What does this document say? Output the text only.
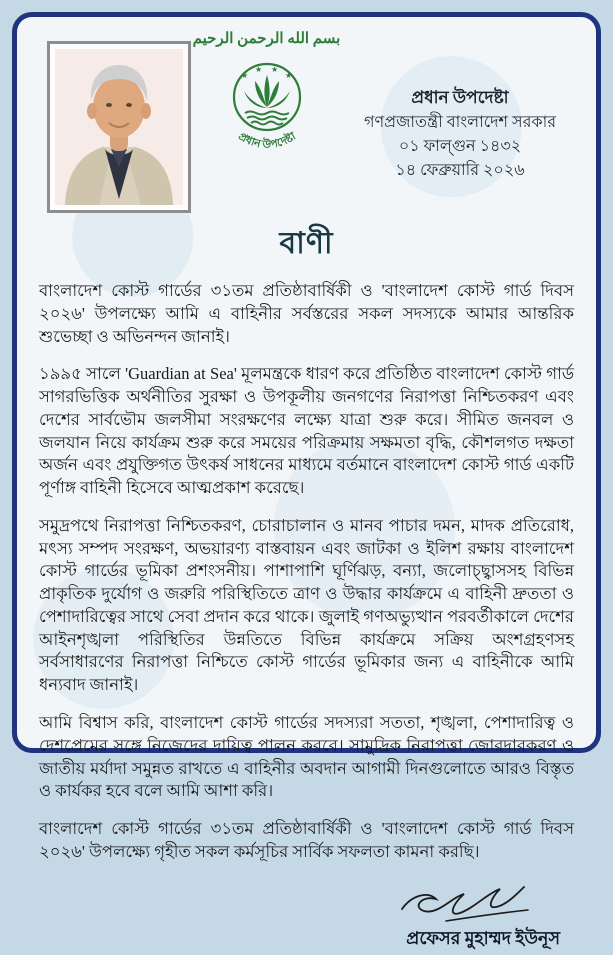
بسم الله الرحمن الرحيم
★
★ ★
★
প্রধান উপদেষ্টা
প্রধান উপদেষ্টা
গণপ্রজাতন্ত্রী বাংলাদেশ সরকার
০১ ফাল্গুন ১৪৩২
১৪ ফেব্রুয়ারি ২০২৬
বাণী

বাংলাদেশ কোস্ট গার্ডের ৩১তম প্রতিষ্ঠাবার্ষিকী ও 'বাংলাদেশ কোস্ট গার্ড দিবস ২০২৬' উপলক্ষ্যে আমি এ বাহিনীর সর্বস্তরের সকল সদস্যকে আমার আন্তরিক শুভেচ্ছা ও অভিনন্দন জানাই।

১৯৯৫ সালে 'Guardian at Sea' মূলমন্ত্রকে ধারণ করে প্রতিষ্ঠিত বাংলাদেশ কোস্ট গার্ড সাগরভিত্তিক অর্থনীতির সুরক্ষা ও উপকূলীয় জনগণের নিরাপত্তা নিশ্চিতকরণ এবং দেশের সার্বভৌম জলসীমা সংরক্ষণের লক্ষ্যে যাত্রা শুরু করে। সীমিত জনবল ও জলযান নিয়ে কার্যক্রম শুরু করে সময়ের পরিক্রমায় সক্ষমতা বৃদ্ধি, কৌশলগত দক্ষতা অর্জন এবং প্রযুক্তিগত উৎকর্ষ সাধনের মাধ্যমে বর্তমানে বাংলাদেশ কোস্ট গার্ড একটি পূর্ণাঙ্গ বাহিনী হিসেবে আত্মপ্রকাশ করেছে।

সমুদ্রপথে নিরাপত্তা নিশ্চিতকরণ, চোরাচালান ও মানব পাচার দমন, মাদক প্রতিরোধ, মৎস্য সম্পদ সংরক্ষণ, অভয়ারণ্য বাস্তবায়ন এবং জাটকা ও ইলিশ রক্ষায় বাংলাদেশ কোস্ট গার্ডের ভূমিকা প্রশংসনীয়। পাশাপাশি ঘূর্ণিঝড়, বন্যা, জলোচ্ছ্বাসসহ বিভিন্ন প্রাকৃতিক দুর্যোগ ও জরুরি পরিস্থিতিতে ত্রাণ ও উদ্ধার কার্যক্রমে এ বাহিনী দ্রুততা ও পেশাদারিত্বের সাথে সেবা প্রদান করে থাকে। জুলাই গণঅভ্যুত্থান পরবর্তীকালে দেশের আইনশৃঙ্খলা পরিস্থিতির উন্নতিতে বিভিন্ন কার্যক্রমে সক্রিয় অংশগ্রহণসহ সর্বসাধারণের নিরাপত্তা নিশ্চিতে কোস্ট গার্ডের ভূমিকার জন্য এ বাহিনীকে আমি ধন্যবাদ জানাই।

আমি বিশ্বাস করি, বাংলাদেশ কোস্ট গার্ডের সদস্যরা সততা, শৃঙ্খলা, পেশাদারিত্ব ও দেশপ্রেমের সঙ্গে নিজেদের দায়িত্ব পালন করবে। সামুদ্রিক নিরাপত্তা জোরদারকরণ ও জাতীয় মর্যাদা সমুন্নত রাখতে এ বাহিনীর অবদান আগামী দিনগুলোতে আরও বিস্তৃত ও কার্যকর হবে বলে আমি আশা করি।

বাংলাদেশ কোস্ট গার্ডের ৩১তম প্রতিষ্ঠাবার্ষিকী ও 'বাংলাদেশ কোস্ট গার্ড দিবস ২০২৬' উপলক্ষ্যে গৃহীত সকল কর্মসূচির সার্বিক সফলতা কামনা করছি।

প্রফেসর মুহাম্মদ ইউনূস
